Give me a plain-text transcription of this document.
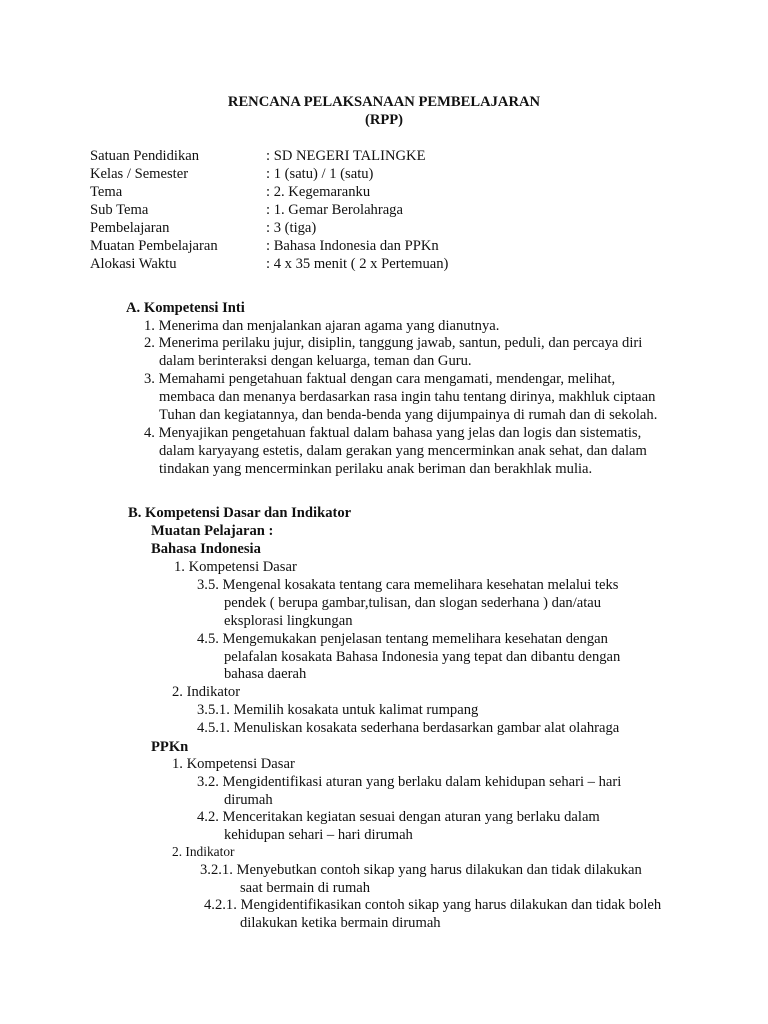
RENCANA PELAKSANAAN PEMBELAJARAN
(RPP)
Satuan Pendidikan	: SD NEGERI TALINGKE
Kelas / Semester	: 1 (satu) / 1 (satu)
Tema	: 2. Kegemaranku
Sub Tema	: 1. Gemar Berolahraga
Pembelajaran	: 3 (tiga)
Muatan Pembelajaran	: Bahasa Indonesia dan PPKn
Alokasi Waktu	: 4 x 35 menit ( 2 x Pertemuan)
A. Kompetensi Inti
1. Menerima dan menjalankan ajaran agama yang dianutnya.
2. Menerima perilaku jujur, disiplin, tanggung jawab, santun, peduli, dan percaya diri
dalam berinteraksi dengan keluarga, teman dan Guru.
3. Memahami pengetahuan faktual dengan cara mengamati, mendengar, melihat,
membaca dan menanya berdasarkan rasa ingin tahu tentang dirinya, makhluk ciptaan
Tuhan dan kegiatannya, dan benda-benda yang dijumpainya di rumah dan di sekolah.
4. Menyajikan pengetahuan faktual dalam bahasa yang jelas dan logis dan sistematis,
dalam karyayang estetis, dalam gerakan yang mencerminkan anak sehat, dan dalam
tindakan yang mencerminkan perilaku anak beriman dan berakhlak mulia.
B. Kompetensi Dasar dan Indikator
Muatan Pelajaran :
Bahasa Indonesia
1. Kompetensi Dasar
3.5. Mengenal kosakata tentang cara memelihara kesehatan melalui teks
pendek ( berupa gambar,tulisan, dan slogan sederhana ) dan/atau
eksplorasi lingkungan
4.5. Mengemukakan penjelasan tentang memelihara kesehatan dengan
pelafalan kosakata Bahasa Indonesia yang tepat dan dibantu dengan
bahasa daerah
2. Indikator
3.5.1. Memilih kosakata untuk kalimat rumpang
4.5.1. Menuliskan kosakata sederhana berdasarkan gambar alat olahraga
PPKn
1. Kompetensi Dasar
3.2. Mengidentifikasi aturan yang berlaku dalam kehidupan sehari – hari
dirumah
4.2. Menceritakan kegiatan sesuai dengan aturan yang berlaku dalam
kehidupan sehari – hari dirumah
2. Indikator
3.2.1. Menyebutkan contoh sikap yang harus dilakukan dan tidak dilakukan
saat bermain di rumah
4.2.1. Mengidentifikasikan contoh sikap yang harus dilakukan dan tidak boleh
dilakukan ketika bermain dirumah
